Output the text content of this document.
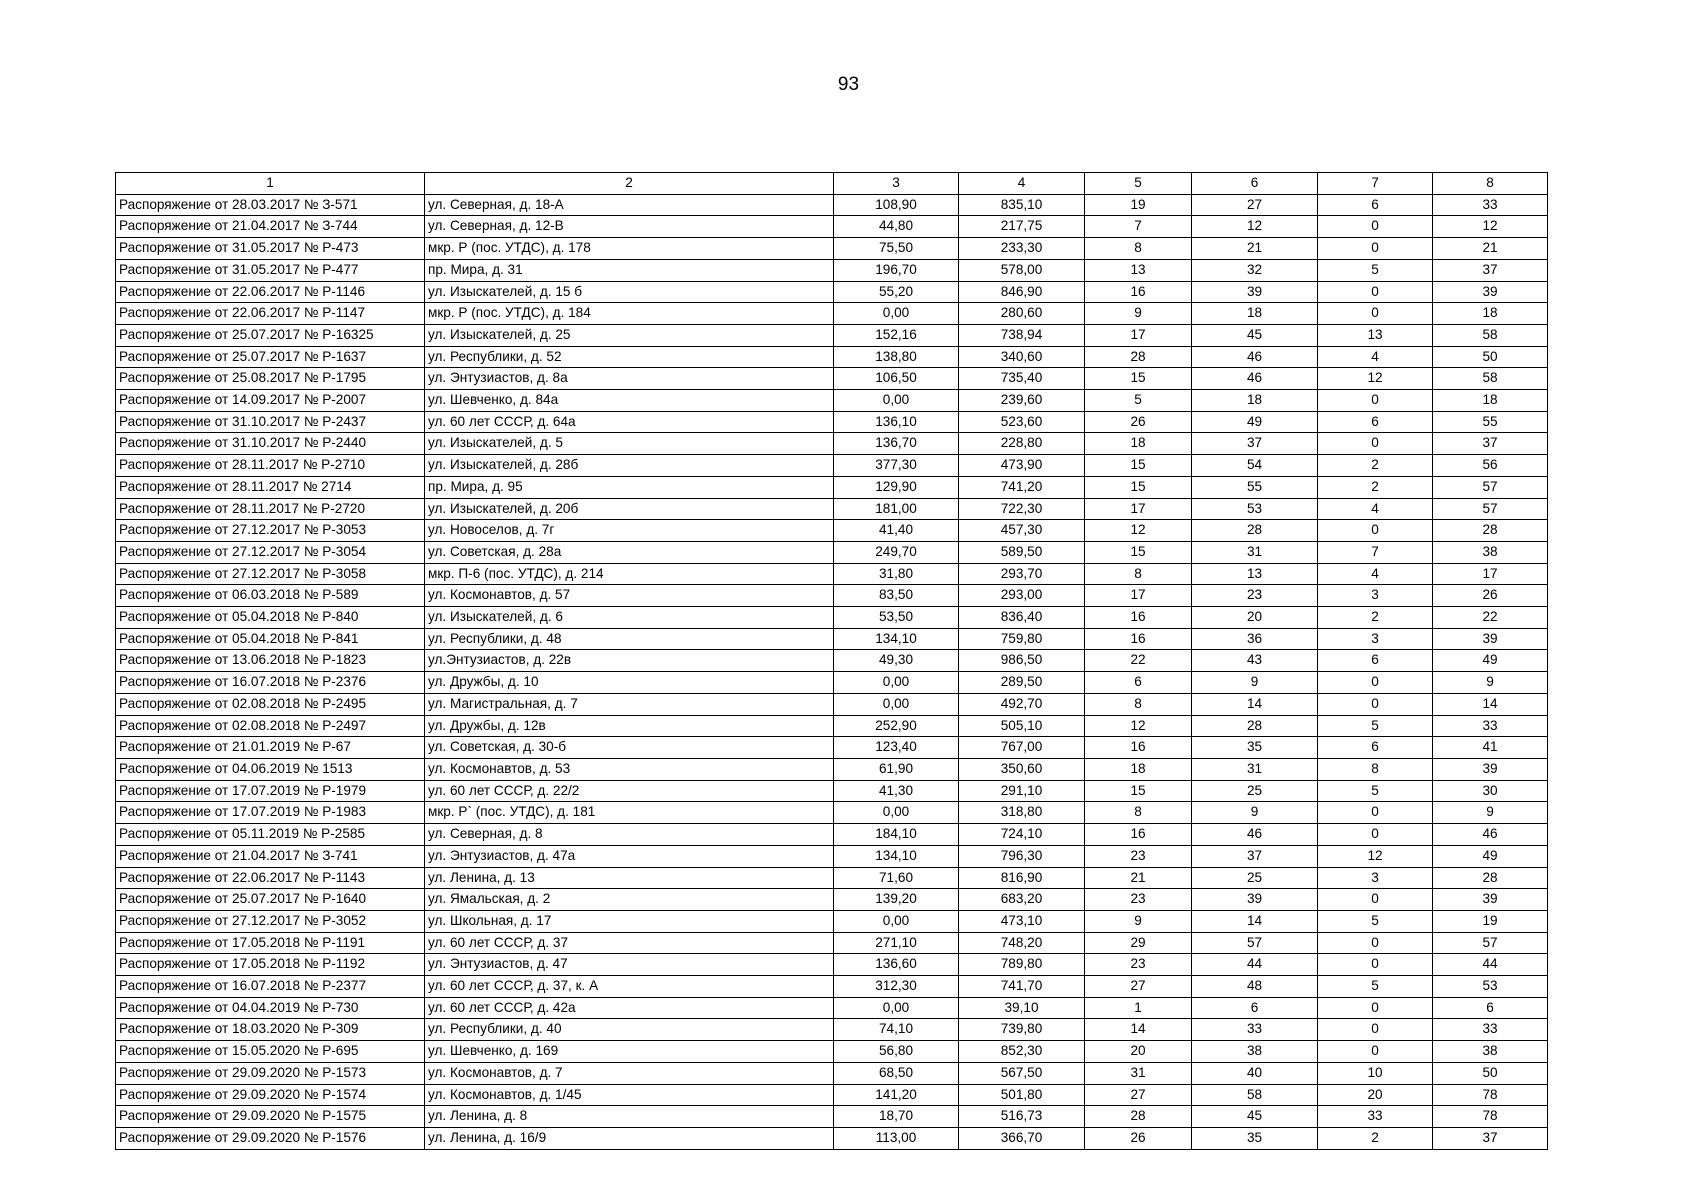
93
1	2	3	4	5	6	7	8
Распоряжение от 28.03.2017 № З-571	ул. Северная, д. 18-А	108,90	835,10	19	27	6	33
Распоряжение от 21.04.2017 № З-744	ул. Северная, д. 12-В	44,80	217,75	7	12	0	12
Распоряжение от 31.05.2017 № Р-473	мкр. Р (пос. УТДС), д. 178	75,50	233,30	8	21	0	21
Распоряжение от 31.05.2017 № Р-477	пр. Мира, д. 31	196,70	578,00	13	32	5	37
Распоряжение от 22.06.2017 № Р-1146	ул. Изыскателей, д. 15 б	55,20	846,90	16	39	0	39
Распоряжение от 22.06.2017 № Р-1147	мкр. Р (пос. УТДС), д. 184	0,00	280,60	9	18	0	18
Распоряжение от 25.07.2017 № Р-16325	ул. Изыскателей, д. 25	152,16	738,94	17	45	13	58
Распоряжение от 25.07.2017 № Р-1637	ул. Республики, д. 52	138,80	340,60	28	46	4	50
Распоряжение от 25.08.2017 № Р-1795	ул. Энтузиастов, д. 8а	106,50	735,40	15	46	12	58
Распоряжение от 14.09.2017 № Р-2007	ул. Шевченко, д. 84а	0,00	239,60	5	18	0	18
Распоряжение от 31.10.2017 № Р-2437	ул. 60 лет СССР, д. 64а	136,10	523,60	26	49	6	55
Распоряжение от 31.10.2017 № Р-2440	ул. Изыскателей, д. 5	136,70	228,80	18	37	0	37
Распоряжение от 28.11.2017 № Р-2710	ул. Изыскателей, д. 28б	377,30	473,90	15	54	2	56
Распоряжение от 28.11.2017 № 2714	пр. Мира, д. 95	129,90	741,20	15	55	2	57
Распоряжение от 28.11.2017 № Р-2720	ул. Изыскателей, д. 20б	181,00	722,30	17	53	4	57
Распоряжение от 27.12.2017 № Р-3053	ул. Новоселов, д. 7г	41,40	457,30	12	28	0	28
Распоряжение от 27.12.2017 № Р-3054	ул. Советская, д. 28а	249,70	589,50	15	31	7	38
Распоряжение от 27.12.2017 № Р-3058	мкр. П-6 (пос. УТДС), д. 214	31,80	293,70	8	13	4	17
Распоряжение от 06.03.2018 № Р-589	ул. Космонавтов, д. 57	83,50	293,00	17	23	3	26
Распоряжение от 05.04.2018 № Р-840	ул. Изыскателей, д. 6	53,50	836,40	16	20	2	22
Распоряжение от 05.04.2018 № Р-841	ул. Республики, д. 48	134,10	759,80	16	36	3	39
Распоряжение от 13.06.2018 № Р-1823	ул.Энтузиастов, д. 22в	49,30	986,50	22	43	6	49
Распоряжение от 16.07.2018 № Р-2376	ул. Дружбы, д. 10	0,00	289,50	6	9	0	9
Распоряжение от 02.08.2018 № Р-2495	ул. Магистральная, д. 7	0,00	492,70	8	14	0	14
Распоряжение от 02.08.2018 № Р-2497	ул. Дружбы, д. 12в	252,90	505,10	12	28	5	33
Распоряжение от 21.01.2019 № Р-67	ул. Советская, д. 30-б	123,40	767,00	16	35	6	41
Распоряжение от 04.06.2019 № 1513	ул. Космонавтов, д. 53	61,90	350,60	18	31	8	39
Распоряжение от 17.07.2019 № Р-1979	ул. 60 лет СССР, д. 22/2	41,30	291,10	15	25	5	30
Распоряжение от 17.07.2019 № Р-1983	мкр. Р` (пос. УТДС), д. 181	0,00	318,80	8	9	0	9
Распоряжение от 05.11.2019 № Р-2585	ул. Северная, д. 8	184,10	724,10	16	46	0	46
Распоряжение от 21.04.2017 № З-741	ул. Энтузиастов, д. 47а	134,10	796,30	23	37	12	49
Распоряжение от 22.06.2017 № Р-1143	ул. Ленина, д. 13	71,60	816,90	21	25	3	28
Распоряжение от 25.07.2017 № Р-1640	ул. Ямальская, д. 2	139,20	683,20	23	39	0	39
Распоряжение от 27.12.2017 № Р-3052	ул. Школьная, д. 17	0,00	473,10	9	14	5	19
Распоряжение от 17.05.2018 № Р-1191	ул. 60 лет СССР, д. 37	271,10	748,20	29	57	0	57
Распоряжение от 17.05.2018 № Р-1192	ул. Энтузиастов, д. 47	136,60	789,80	23	44	0	44
Распоряжение от 16.07.2018 № Р-2377	ул. 60 лет СССР, д. 37, к. А	312,30	741,70	27	48	5	53
Распоряжение от 04.04.2019 № Р-730	ул. 60 лет СССР, д. 42а	0,00	39,10	1	6	0	6
Распоряжение от 18.03.2020 № Р-309	ул. Республики, д. 40	74,10	739,80	14	33	0	33
Распоряжение от 15.05.2020 № Р-695	ул. Шевченко, д. 169	56,80	852,30	20	38	0	38
Распоряжение от 29.09.2020 № Р-1573	ул. Космонавтов, д. 7	68,50	567,50	31	40	10	50
Распоряжение от 29.09.2020 № Р-1574	ул. Космонавтов, д. 1/45	141,20	501,80	27	58	20	78
Распоряжение от 29.09.2020 № Р-1575	ул. Ленина, д. 8	18,70	516,73	28	45	33	78
Распоряжение от 29.09.2020 № Р-1576	ул. Ленина, д. 16/9	113,00	366,70	26	35	2	37
